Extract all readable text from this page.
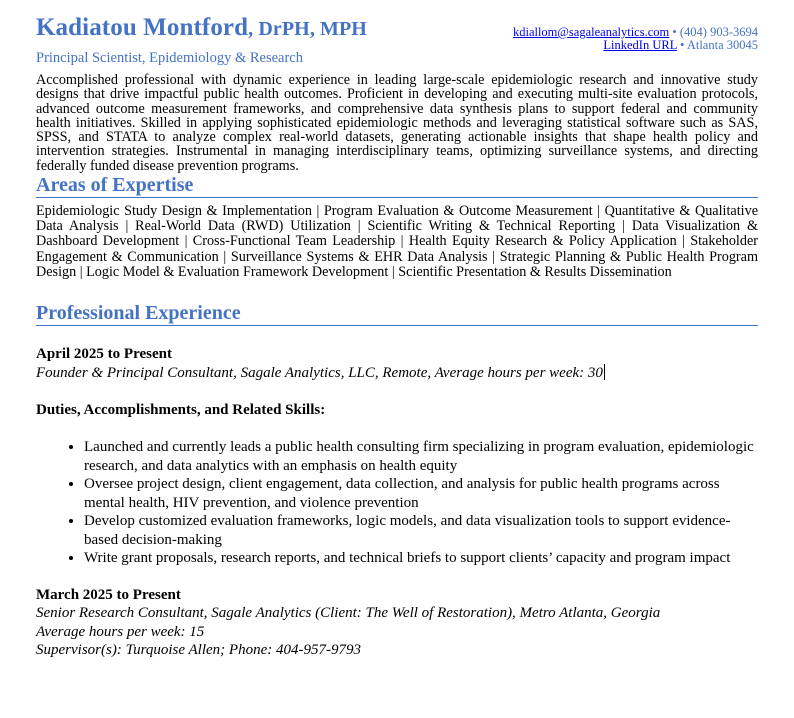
Kadiatou Montford, DrPH, MPH
Principal Scientist, Epidemiology & Research
kdiallom@sagaleanalytics.com • (404) 903-3694
LinkedIn URL • Atlanta 30045
Accomplished professional with dynamic experience in leading large-scale epidemiologic research and innovative study designs that drive impactful public health outcomes. Proficient in developing and executing multi-site evaluation protocols, advanced outcome measurement frameworks, and comprehensive data synthesis plans to support federal and community health initiatives. Skilled in applying sophisticated epidemiologic methods and leveraging statistical software such as SAS, SPSS, and STATA to analyze complex real-world datasets, generating actionable insights that shape health policy and intervention strategies. Instrumental in managing interdisciplinary teams, optimizing surveillance systems, and directing federally funded disease prevention programs.
Areas of Expertise
Epidemiologic Study Design & Implementation | Program Evaluation & Outcome Measurement | Quantitative & Qualitative Data Analysis | Real-World Data (RWD) Utilization | Scientific Writing & Technical Reporting | Data Visualization & Dashboard Development | Cross-Functional Team Leadership | Health Equity Research & Policy Application | Stakeholder Engagement & Communication | Surveillance Systems & EHR Data Analysis | Strategic Planning & Public Health Program Design | Logic Model & Evaluation Framework Development | Scientific Presentation & Results Dissemination
Professional Experience
April 2025 to Present
Founder & Principal Consultant, Sagale Analytics, LLC, Remote, Average hours per week: 30
Duties, Accomplishments, and Related Skills:
• Launched and currently leads a public health consulting firm specializing in program evaluation, epidemiologic research, and data analytics with an emphasis on health equity
• Oversee project design, client engagement, data collection, and analysis for public health programs across mental health, HIV prevention, and violence prevention
• Develop customized evaluation frameworks, logic models, and data visualization tools to support evidence-based decision-making
• Write grant proposals, research reports, and technical briefs to support clients’ capacity and program impact
March 2025 to Present
Senior Research Consultant, Sagale Analytics (Client: The Well of Restoration), Metro Atlanta, Georgia
Average hours per week: 15
Supervisor(s): Turquoise Allen; Phone: 404-957-9793
